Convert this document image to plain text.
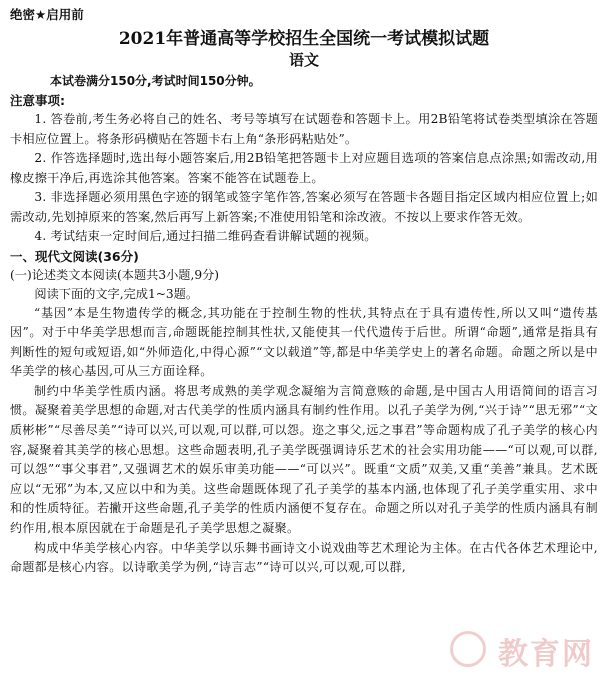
绝密★启用前

2021年普通高等学校招生全国统一考试模拟试题

语文

本试卷满分150分,考试时间150分钟。

注意事项:

1. 答卷前,考生务必将自己的姓名、考号等填写在试题卷和答题卡上。用2B铅笔将试卷类型填涂在答题卡相应位置上。将条形码横贴在答题卡右上角“条形码粘贴处”。

2. 作答选择题时,选出每小题答案后,用2B铅笔把答题卡上对应题目选项的答案信息点涂黑;如需改动,用橡皮擦干净后,再选涂其他答案。答案不能答在试题卷上。

3. 非选择题必须用黑色字迹的钢笔或签字笔作答,答案必须写在答题卡各题目指定区域内相应位置上;如需改动,先划掉原来的答案,然后再写上新答案;不准使用铅笔和涂改液。不按以上要求作答无效。

4. 考试结束一定时间后,通过扫描二维码查看讲解试题的视频。

一、现代文阅读(36分)

(一)论述类文本阅读(本题共3小题,9分)

阅读下面的文字,完成1~3题。

“基因”本是生物遗传学的概念,其功能在于控制生物的性状,其特点在于具有遗传性,所以又叫“遗传基因”。对于中华美学思想而言,命题既能控制其性状,又能使其一代代遗传于后世。所谓“命题”,通常是指具有判断性的短句或短语,如“外师造化,中得心源”“文以载道”等,都是中华美学史上的著名命题。命题之所以是中华美学的核心基因,可从三方面诠释。

制约中华美学性质内涵。将思考成熟的美学观念凝缩为言简意赅的命题,是中国古人用语简间的语言习惯。凝聚着美学思想的命题,对古代美学的性质内涵具有制约性作用。以孔子美学为例,“兴于诗”“思无邪”“文质彬彬”“尽善尽美”“诗可以兴,可以观,可以群,可以怨。迩之事父,远之事君”等命题构成了孔子美学的核心内容,凝聚着其美学的核心思想。这些命题表明,孔子美学既强调诗乐艺术的社会实用功能——“可以观,可以群,可以怨”“事父事君”,又强调艺术的娱乐审美功能——“可以兴”。既重“文质”双美,又重“美善”兼具。艺术既应以“无邪”为本,又应以中和为美。这些命题既体现了孔子美学的基本内涵,也体现了孔子美学重实用、求中和的性质特征。若撇开这些命题,孔子美学的性质内涵便不复存在。命题之所以对孔子美学的性质内涵具有制约作用,根本原因就在于命题是孔子美学思想之凝聚。

构成中华美学核心内容。中华美学以乐舞书画诗文小说戏曲等艺术理论为主体。在古代各体艺术理论中,命题都是核心内容。以诗歌美学为例,“诗言志”“诗可以兴,可以观,可以群,

教育网
